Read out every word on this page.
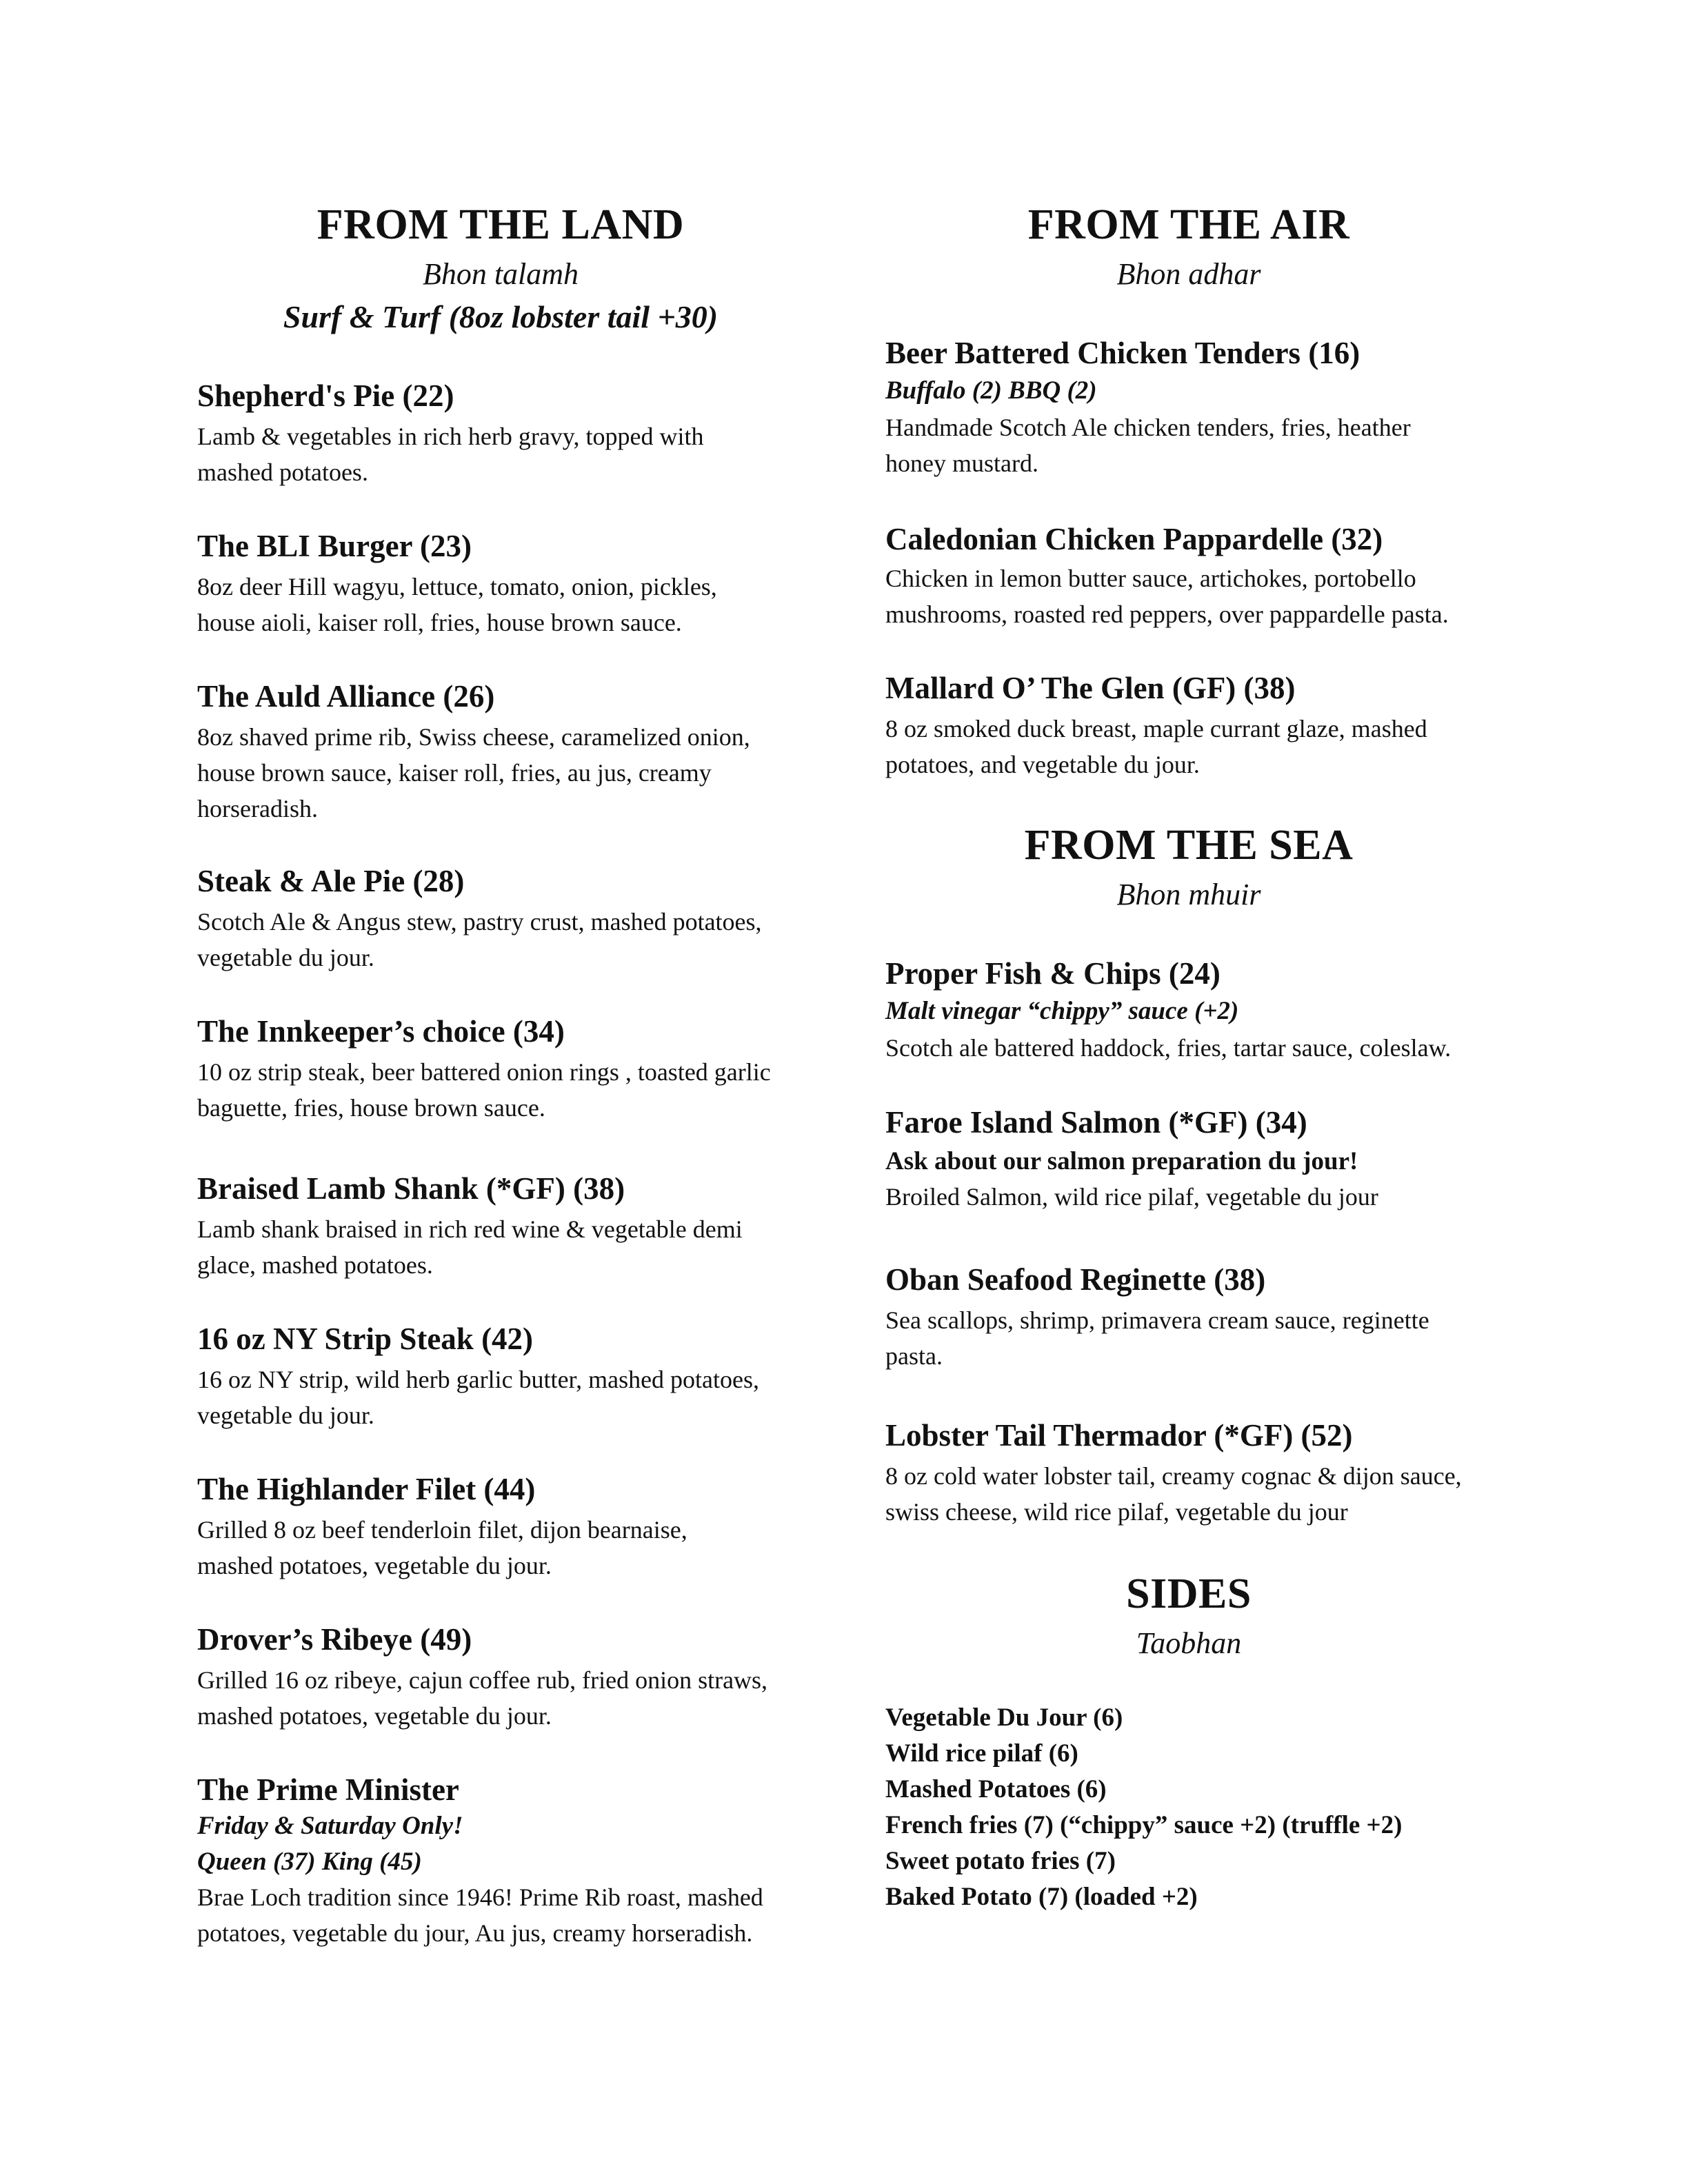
FROM THE LAND
Bhon talamh
Surf & Turf (8oz lobster tail +30)
Shepherd's Pie (22)
Lamb & vegetables in rich herb gravy, topped with
mashed potatoes.
The BLI Burger (23)
8oz deer Hill wagyu, lettuce, tomato, onion, pickles,
house aioli, kaiser roll, fries, house brown sauce.
The Auld Alliance (26)
8oz shaved prime rib, Swiss cheese, caramelized onion,
house brown sauce, kaiser roll, fries, au jus, creamy
horseradish.
Steak & Ale Pie (28)
Scotch Ale & Angus stew, pastry crust, mashed potatoes,
vegetable du jour.
The Innkeeper’s choice (34)
10 oz strip steak, beer battered onion rings , toasted garlic
baguette, fries, house brown sauce.
Braised Lamb Shank (*GF) (38)
Lamb shank braised in rich red wine & vegetable demi
glace, mashed potatoes.
16 oz NY Strip Steak (42)
16 oz NY strip, wild herb garlic butter, mashed potatoes,
vegetable du jour.
The Highlander Filet (44)
Grilled 8 oz beef tenderloin filet, dijon bearnaise,
mashed potatoes, vegetable du jour.
Drover’s Ribeye (49)
Grilled 16 oz ribeye, cajun coffee rub, fried onion straws,
mashed potatoes, vegetable du jour.
The Prime Minister
Friday & Saturday Only!
Queen (37) King (45)
Brae Loch tradition since 1946! Prime Rib roast, mashed
potatoes, vegetable du jour, Au jus, creamy horseradish.
FROM THE AIR
Bhon adhar
Beer Battered Chicken Tenders (16)
Buffalo (2) BBQ (2)
Handmade Scotch Ale chicken tenders, fries, heather
honey mustard.
Caledonian Chicken Pappardelle (32)
Chicken in lemon butter sauce, artichokes, portobello
mushrooms, roasted red peppers, over pappardelle pasta.
Mallard O’ The Glen (GF) (38)
8 oz smoked duck breast, maple currant glaze, mashed
potatoes, and vegetable du jour.
FROM THE SEA
Bhon mhuir
Proper Fish & Chips (24)
Malt vinegar “chippy” sauce (+2)
Scotch ale battered haddock, fries, tartar sauce, coleslaw.
Faroe Island Salmon (*GF) (34)
Ask about our salmon preparation du jour!
Broiled Salmon, wild rice pilaf, vegetable du jour
Oban Seafood Reginette (38)
Sea scallops, shrimp, primavera cream sauce, reginette
pasta.
Lobster Tail Thermador (*GF) (52)
8 oz cold water lobster tail, creamy cognac & dijon sauce,
swiss cheese, wild rice pilaf, vegetable du jour
SIDES
Taobhan
Vegetable Du Jour (6)
Wild rice pilaf (6)
Mashed Potatoes (6)
French fries (7) (“chippy” sauce +2) (truffle +2)
Sweet potato fries (7)
Baked Potato (7) (loaded +2)
